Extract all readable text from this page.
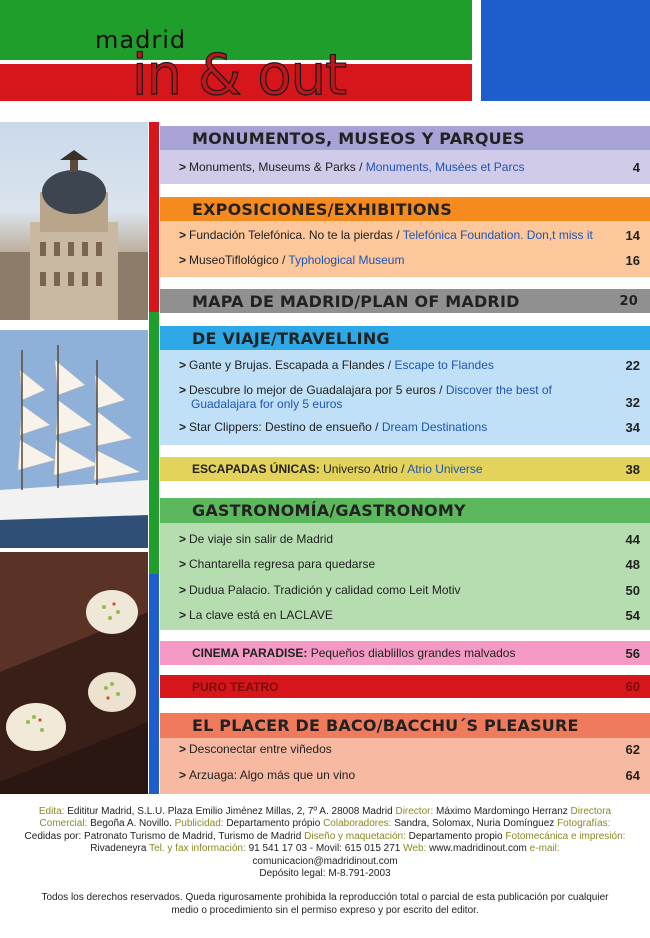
madrid
in & out
MONUMENTOS, MUSEOS Y PARQUES
> Monuments, Museums & Parks / Monuments, Musées et Parcs	4
EXPOSICIONES/EXHIBITIONS
> Fundación Telefónica. No te la pierdas / Telefónica Foundation. Don,t miss it	14
> MuseoTiflológico / Typhological Museum	16
MAPA DE MADRID/PLAN OF MADRID	20
DE VIAJE/TRAVELLING
> Gante y Brujas. Escapada a Flandes / Escape to Flandes	22
> Descubre lo mejor de Guadalajara por 5 euros / Discover the best of
Guadalajara for only 5 euros	32
> Star Clippers: Destino de ensueño / Dream Destinations	34
ESCAPADAS ÚNICAS: Universo Atrio / Atrio Universe	38
GASTRONOMÍA/GASTRONOMY
> De viaje sin salir de Madrid	44
> Chantarella regresa para quedarse	48
> Dudua Palacio. Tradición y calidad como Leit Motiv	50
> La clave está en LACLAVE	54
CINEMA PARADISE: Pequeños diablillos grandes malvados	56
PURO TEATRO	60
EL PLACER DE BACO/BACCHU´S PLEASURE
> Desconectar entre viñedos	62
> Arzuaga: Algo más que un vino	64
Edita: Edititur Madrid, S.L.U. Plaza Emilio Jiménez Millas, 2, 7º A. 28008 Madrid Director: Máximo Mardomingo Herranz Directora Comercial: Begoña A. Novillo. Publicidad: Departamento própio Colaboradores: Sandra, Solomax, Nuria Domínguez Fotografías: Cedidas por: Patronato Turismo de Madrid, Turismo de Madrid Diseño y maquetación: Departamento propio Fotomecánica e impresión: Rivadeneyra Tel. y fax información: 91 541 17 03 - Movil: 615 015 271 Web: www.madridinout.com e-mail: comunicacion@madridinout.com
Depósito legal: M-8.791-2003
Todos los derechos reservados. Queda rigurosamente prohibida la reproducción total o parcial de esta publicación por cualquier medio o procedimiento sin el permiso expreso y por escrito del editor.
